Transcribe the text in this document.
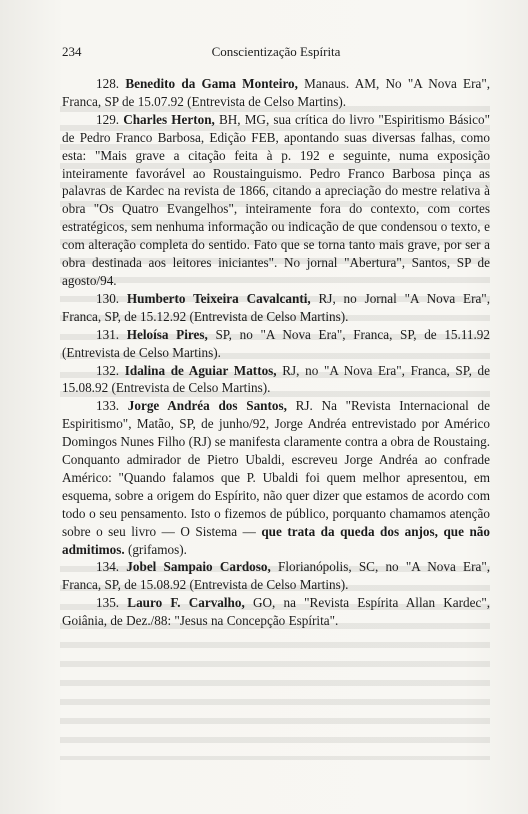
234	Conscientização Espírita

128. Benedito da Gama Monteiro, Manaus. AM, No "A Nova Era", Franca, SP de 15.07.92 (Entrevista de Celso Martins).

129. Charles Herton, BH, MG, sua crítica do livro "Espiritismo Básico" de Pedro Franco Barbosa, Edição FEB, apontando suas diversas falhas, como esta: "Mais grave a citação feita à p. 192 e seguinte, numa exposição inteiramente favorável ao Roustainguismo. Pedro Franco Barbosa pinça as palavras de Kardec na revista de 1866, citando a apreciação do mestre relativa à obra "Os Quatro Evangelhos", inteiramente fora do contexto, com cortes estratégicos, sem nenhuma informação ou indicação de que condensou o texto, e com alteração completa do sentido. Fato que se torna tanto mais grave, por ser a obra destinada aos leitores iniciantes". No jornal "Abertura", Santos, SP de agosto/94.

130. Humberto Teixeira Cavalcanti, RJ, no Jornal "A Nova Era", Franca, SP, de 15.12.92 (Entrevista de Celso Martins).

131. Heloísa Pires, SP, no "A Nova Era", Franca, SP, de 15.11.92 (Entrevista de Celso Martins).

132. Idalina de Aguiar Mattos, RJ, no "A Nova Era", Franca, SP, de 15.08.92 (Entrevista de Celso Martins).

133. Jorge Andréa dos Santos, RJ. Na "Revista Internacional de Espiritismo", Matão, SP, de junho/92, Jorge Andréa entrevistado por Américo Domingos Nunes Filho (RJ) se manifesta claramente contra a obra de Roustaing. Conquanto admirador de Pietro Ubaldi, escreveu Jorge Andréa ao confrade Américo: "Quando falamos que P. Ubaldi foi quem melhor apresentou, em esquema, sobre a origem do Espírito, não quer dizer que estamos de acordo com todo o seu pensamento. Isto o fizemos de público, porquanto chamamos atenção sobre o seu livro — O Sistema — que trata da queda dos anjos, que não admitimos. (grifamos).

134. Jobel Sampaio Cardoso, Florianópolis, SC, no "A Nova Era", Franca, SP, de 15.08.92 (Entrevista de Celso Martins).

135. Lauro F. Carvalho, GO, na "Revista Espírita Allan Kardec", Goiânia, de Dez./88: "Jesus na Concepção Espírita".
